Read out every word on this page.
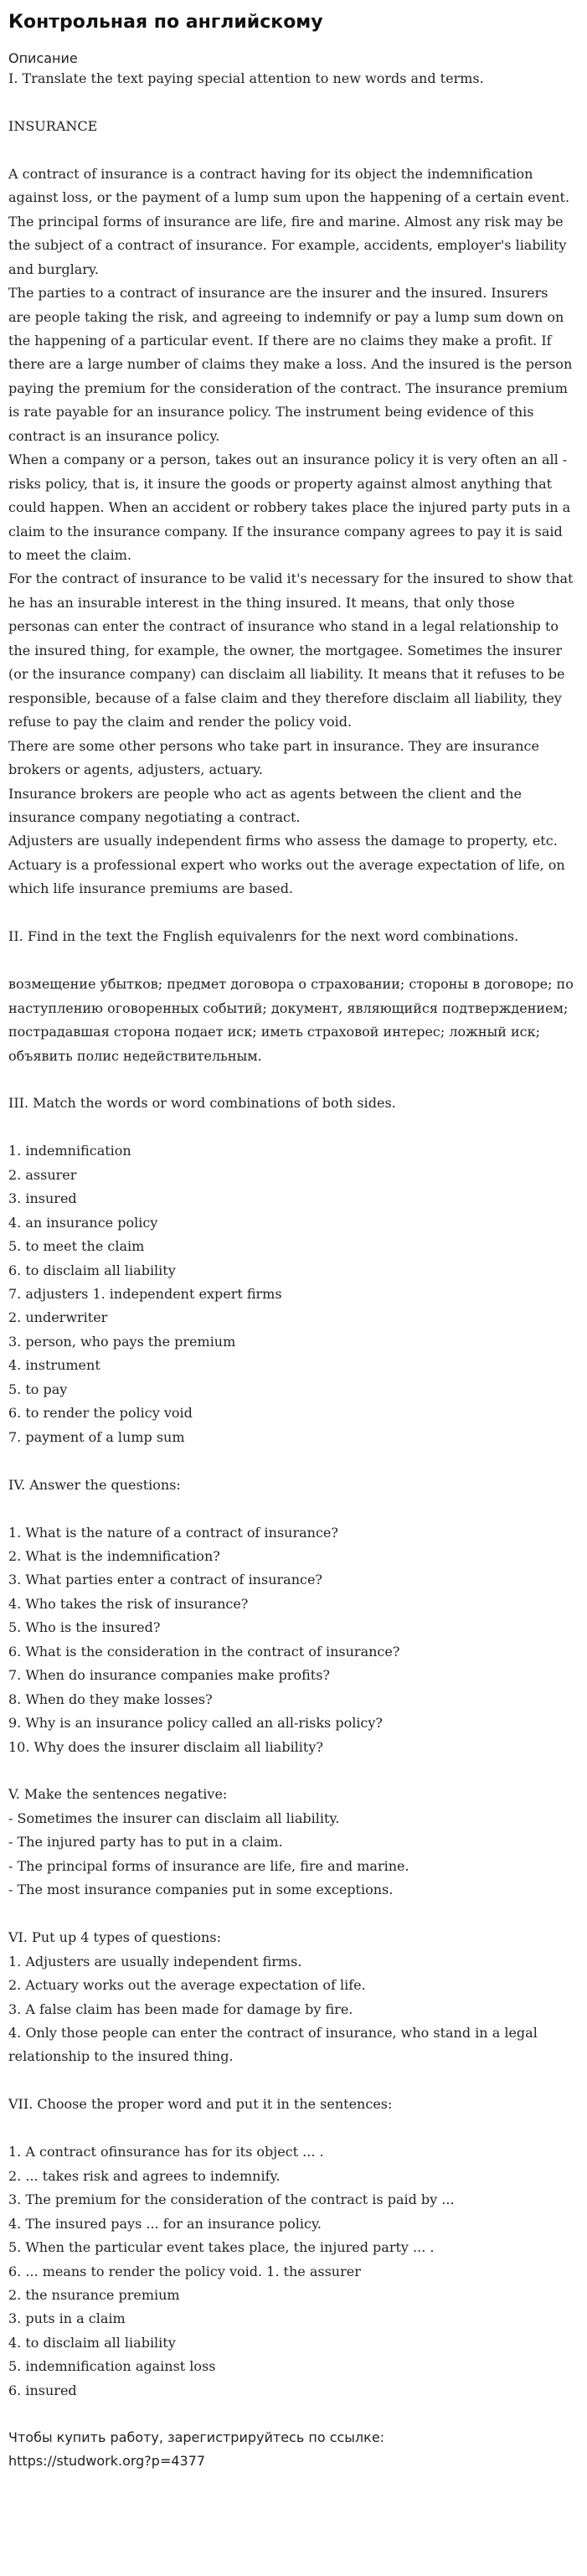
Контрольная по английскому

Описание

I. Translate the text paying special attention to new words and terms.

INSURANCE

A contract of insurance is a contract having for its object the indemnification against loss, or the payment of a lump sum upon the happening of a certain event. The principal forms of insurance are life, fire and marine. Almost any risk may be the subject of a contract of insurance. For example, accidents, employer's liability and burglary.

The parties to a contract of insurance are the insurer and the insured. Insurers are people taking the risk, and agreeing to indemnify or pay a lump sum down on the happening of a particular event. If there are no claims they make a profit. If there are a large number of claims they make a loss. And the insured is the person paying the premium for the consideration of the contract. The insurance premium is rate payable for an insurance policy. The instrument being evidence of this contract is an insurance policy.

When a company or a person, takes out an insurance policy it is very often an all - risks policy, that is, it insure the goods or property against almost anything that could happen. When an accident or robbery takes place the injured party puts in a claim to the insurance company. If the insurance company agrees to pay it is said to meet the claim.

For the contract of insurance to be valid it's necessary for the insured to show that he has an insurable interest in the thing insured. It means, that only those personas can enter the contract of insurance who stand in a legal relationship to the insured thing, for example, the owner, the mortgagee. Sometimes the insurer (or the insurance company) can disclaim all liability. It means that it refuses to be responsible, because of a false claim and they therefore disclaim all liability, they refuse to pay the claim and render the policy void.

There are some other persons who take part in insurance. They are insurance brokers or agents, adjusters, actuary.

Insurance brokers are people who act as agents between the client and the insurance company negotiating a contract.

Adjusters are usually independent firms who assess the damage to property, etc.

Actuary is a professional expert who works out the average expectation of life, on which life insurance premiums are based.

II. Find in the text the Fnglish equivalenrs for the next word combinations.

возмещение убытков; предмет договора о страховании; стороны в договоре; по наступлению оговоренных событий; документ, являющийся подтверждением; пострадавшая сторона подает иск; иметь страховой интерес; ложный иск; объявить полис недействительным.

III. Match the words or word combinations of both sides.

1. indemnification

2. assurer

3. insured

4. an insurance policy

5. to meet the claim

6. to disclaim all liability

7. adjusters 1. independent expert firms

2. underwriter

3. person, who pays the premium

4. instrument

5. to pay

6. to render the policy void

7. payment of a lump sum

IV. Answer the questions:

1. What is the nature of a contract of insurance?

2. What is the indemnification?

3. What parties enter a contract of insurance?

4. Who takes the risk of insurance?

5. Who is the insured?

6. What is the consideration in the contract of insurance?

7. When do insurance companies make profits?

8. When do they make losses?

9. Why is an insurance policy called an all-risks policy?

10. Why does the insurer disclaim all liability?

V. Make the sentences negative:

- Sometimes the insurer can disclaim all liability.

- The injured party has to put in a claim.

- The principal forms of insurance are life, fire and marine.

- The most insurance companies put in some exceptions.

VI. Put up 4 types of questions:

1. Adjusters are usually independent firms.

2. Actuary works out the average expectation of life.

3. A false claim has been made for damage by fire.

4. Only those people can enter the contract of insurance, who stand in a legal relationship to the insured thing.

VII. Choose the proper word and put it in the sentences:

1. A contract ofinsurance has for its object ... .

2. ... takes risk and agrees to indemnify.

3. The premium for the consideration of the contract is paid by ...

4. The insured pays ... for an insurance policy.

5. When the particular event takes place, the injured party ... .

6. ... means to render the policy void. 1. the assurer

2. the nsurance premium

3. puts in a claim

4. to disclaim all liability

5. indemnification against loss

6. insured

Чтобы купить работу, зарегистрируйтесь по ссылке:

https://studwork.org?p=4377
